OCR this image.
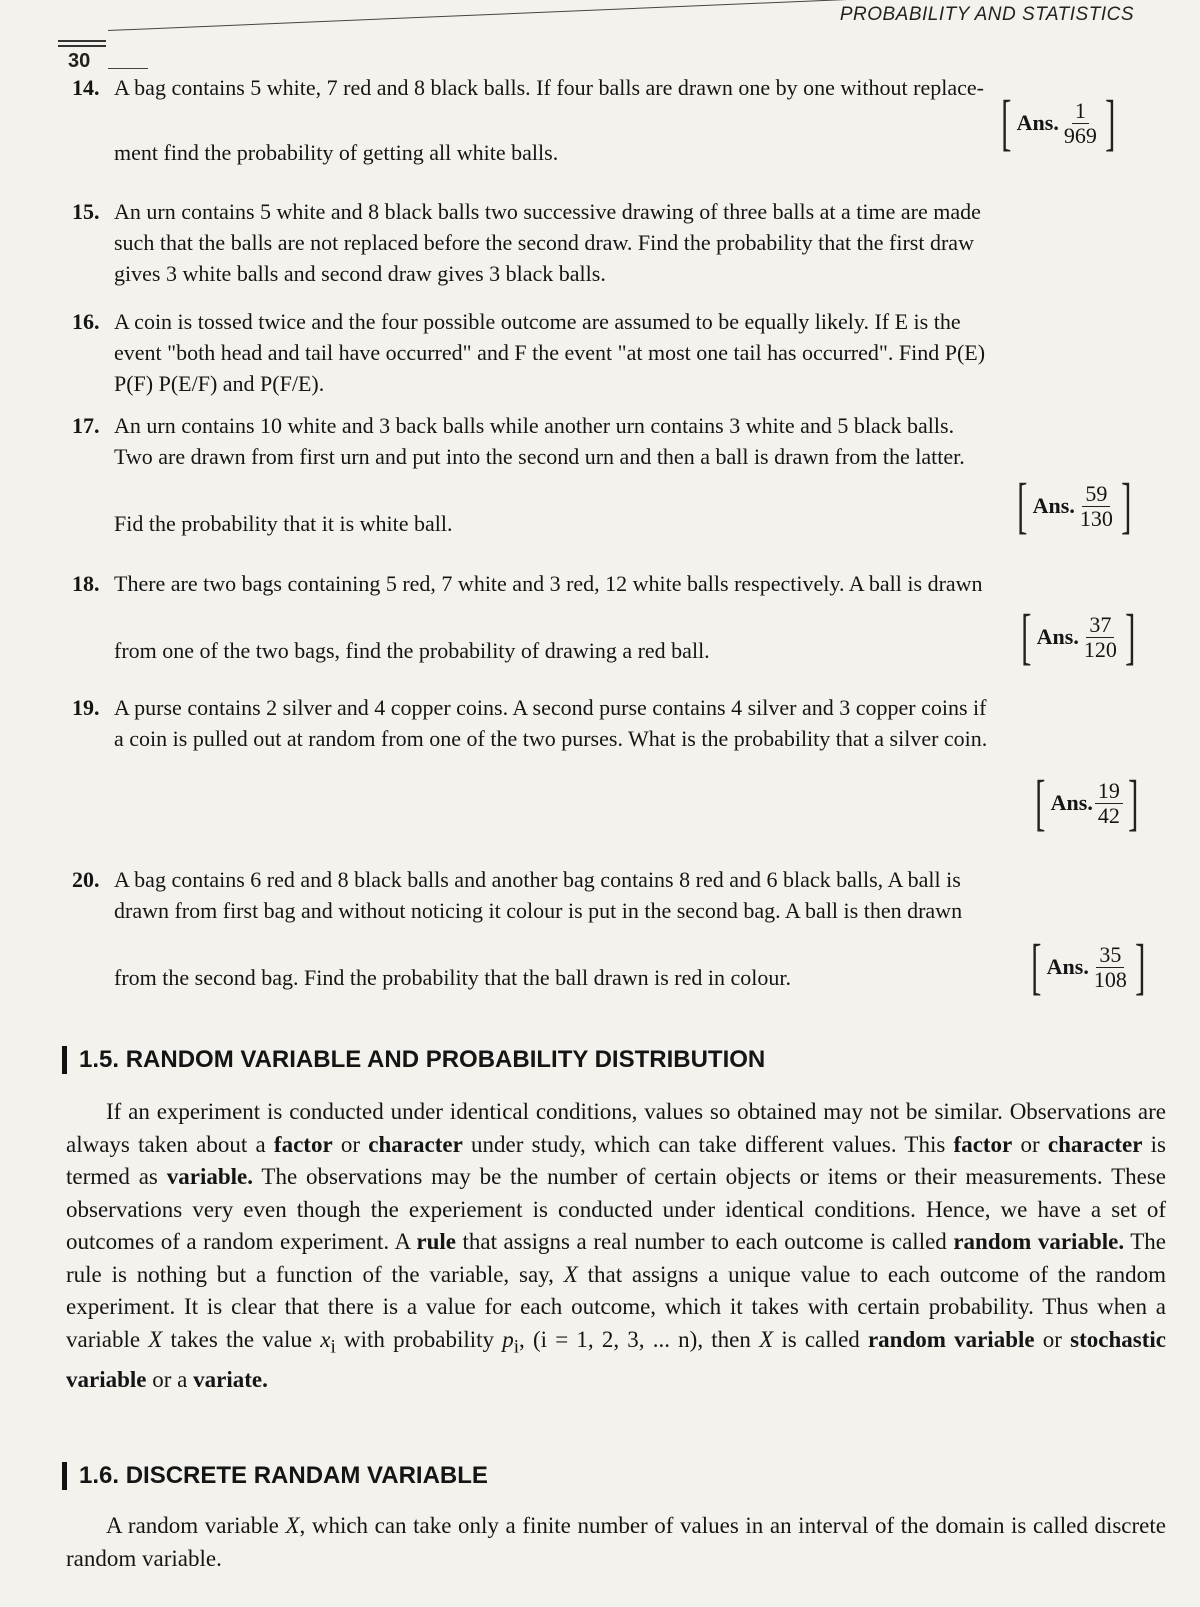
PROBABILITY AND STATISTICS
30
14. A bag contains 5 white, 7 red and 8 black balls. If four balls are drawn one by one without replace-
ment find the probability of getting all white balls.	[ Ans. $\frac{1}{969}$ ]
15. An urn contains 5 white and 8 black balls two successive drawing of three balls at a time are made
such that the balls are not replaced before the second draw. Find the probability that the first draw
gives 3 white balls and second draw gives 3 black balls.
16. A coin is tossed twice and the four possible outcome are assumed to be equally likely. If E is the
event "both head and tail have occurred" and F the event "at most one tail has occurred". Find P(E)
P(F) P(E/F) and P(F/E).
17. An urn contains 10 white and 3 back balls while another urn contains 3 white and 5 black balls.
Two are drawn from first urn and put into the second urn and then a ball is drawn from the latter.
Fid the probability that it is white ball.	[ Ans. $\frac{59}{130}$ ]
18. There are two bags containing 5 red, 7 white and 3 red, 12 white balls respectively. A ball is drawn
from one of the two bags, find the probability of drawing a red ball.	[ Ans. $\frac{37}{120}$ ]
19. A purse contains 2 silver and 4 copper coins. A second purse contains 4 silver and 3 copper coins if
a coin is pulled out at random from one of the two purses. What is the probability that a silver coin.
[ Ans. $\frac{19}{42}$ ]
20. A bag contains 6 red and 8 black balls and another bag contains 8 red and 6 black balls, A ball is
drawn from first bag and without noticing it colour is put in the second bag. A ball is then drawn
from the second bag. Find the probability that the ball drawn is red in colour.	[ Ans. $\frac{35}{108}$ ]
1.5. RANDOM VARIABLE AND PROBABILITY DISTRIBUTION
If an experiment is conducted under identical conditions, values so obtained may not be similar. Observations are always taken about a factor or character under study, which can take different values. This factor or character is termed as variable. The observations may be the number of certain objects or items or their measurements. These observations very even though the experiement is conducted under identical conditions. Hence, we have a set of outcomes of a random experiment. A rule that assigns a real number to each outcome is called random variable. The rule is nothing but a function of the variable, say, X that assigns a unique value to each outcome of the random experiment. It is clear that there is a value for each outcome, which it takes with certain probability. Thus when a variable X takes the value $x_i$ with probability $p_i$, (i = 1, 2, 3, ... n), then X is called random variable or stochastic variable or a variate.
1.6. DISCRETE RANDAM VARIABLE
A random variable X, which can take only a finite number of values in an interval of the domain is called discrete random variable.
